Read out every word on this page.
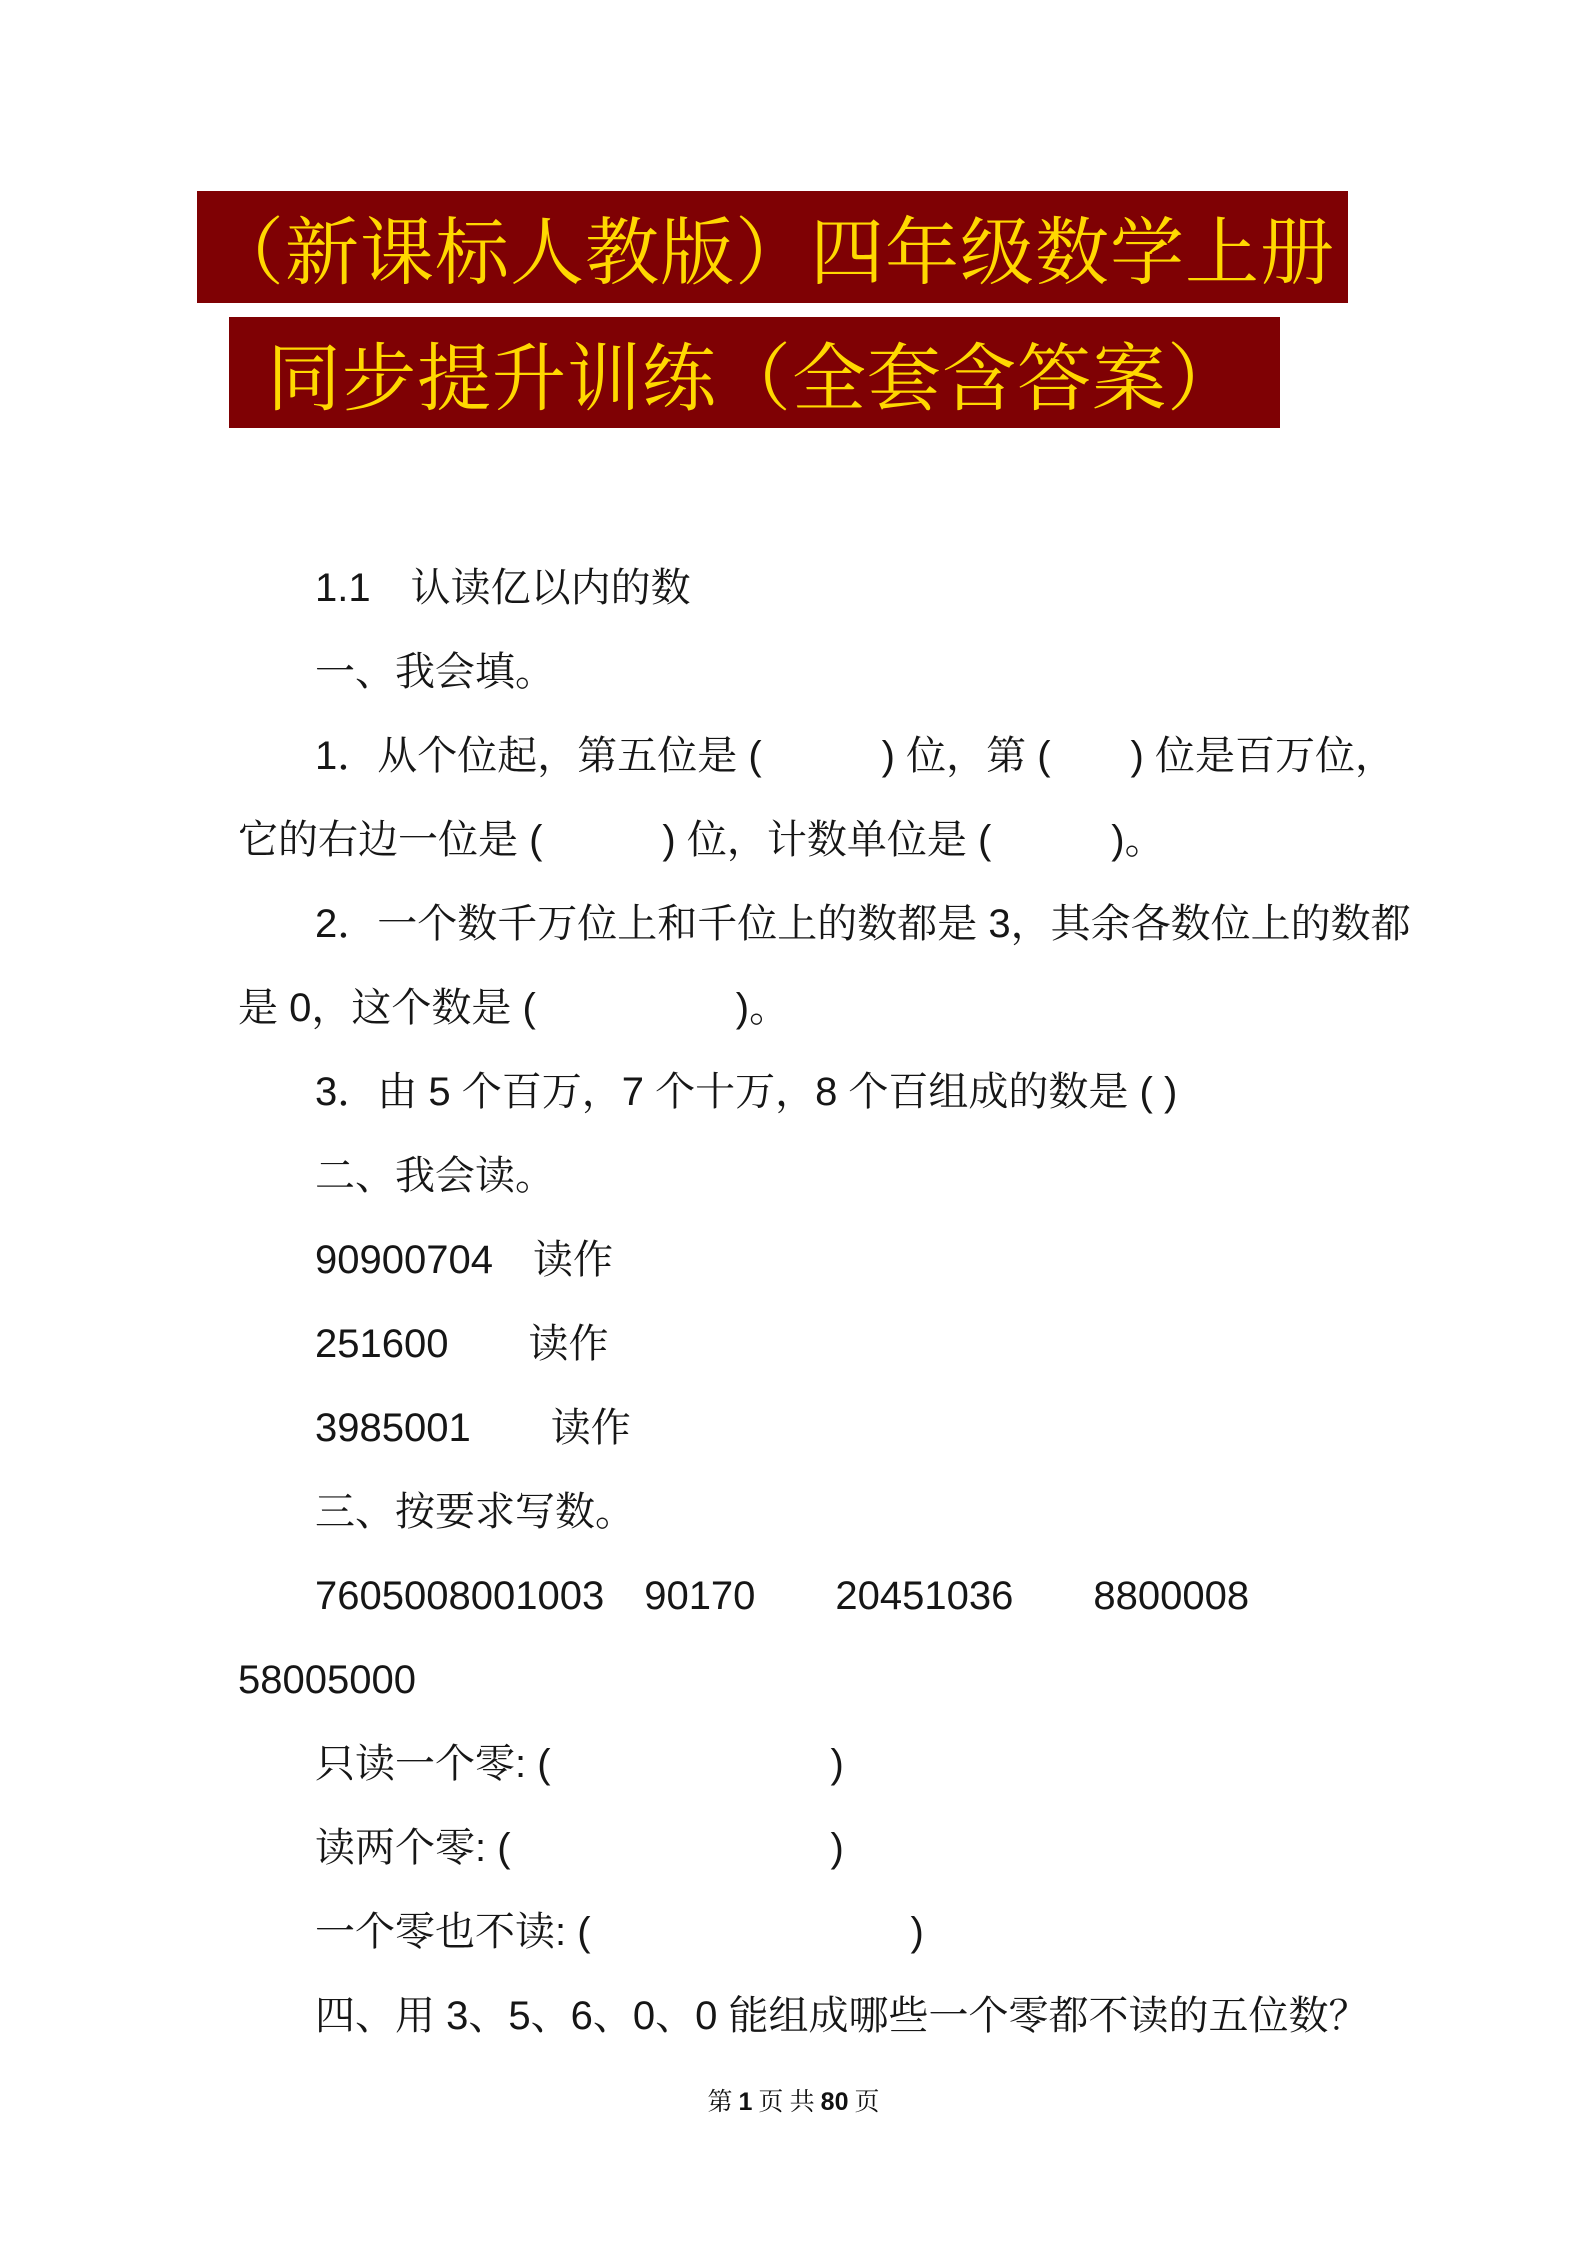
（新课标人教版）四年级数学上册
同步提升训练（全套含答案）
1.1　认读亿以内的数
一、我会填。
1．从个位起，第五位是 (　　　) 位，第 (　　) 位是百万位，
它的右边一位是 (　　　) 位，计数单位是 (　　　)。
2．一个数千万位上和千位上的数都是 3，其余各数位上的数都
是 0，这个数是 (　　　　　)。
3．由 5 个百万，7 个十万，8 个百组成的数是 ( )
二、我会读。
90900704　读作
251600　　读作
3985001　　读作
三、按要求写数。
7605008001003　90170　　20451036　　8800008
58005000
只读一个零: (　　　　　　　)
读两个零: (　　　　　　　　)
一个零也不读: (　　　　　　　　)
四、用 3、5、6、0、0 能组成哪些一个零都不读的五位数？
第 1 页 共 80 页
